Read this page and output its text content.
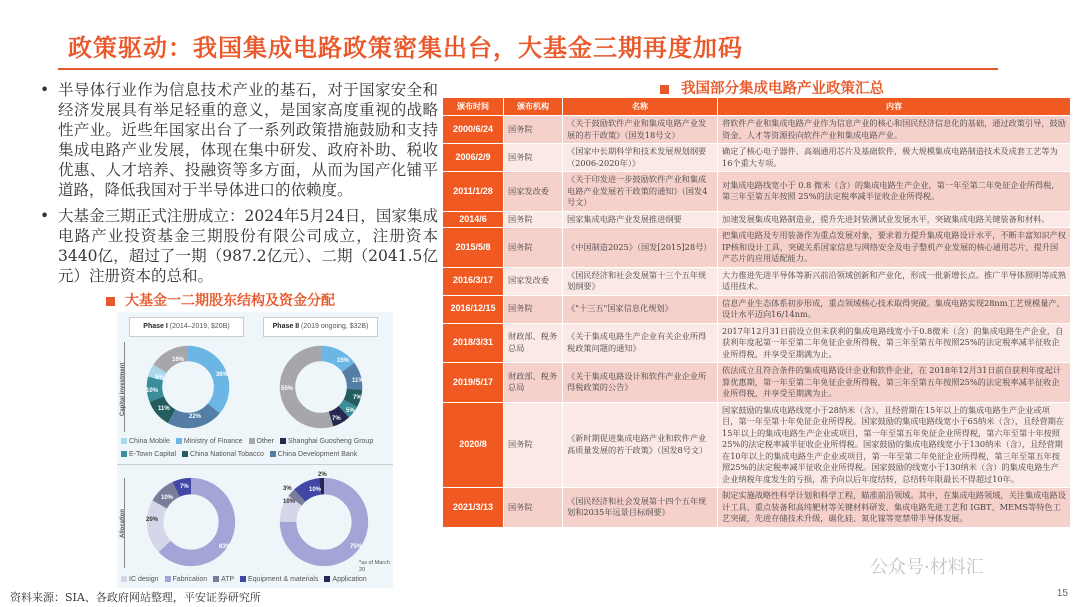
政策驱动：我国集成电路政策密集出台，大基金三期再度加码

• 半导体行业作为信息技术产业的基石，对于国家安全和经济发展具有举足轻重的意义，是国家高度重视的战略性产业。近些年国家出台了一系列政策措施鼓励和支持集成电路产业发展，体现在集中研发、政府补助、税收优惠、人才培养、投融资等多方面，从而为国产化铺平道路，降低我国对于半导体进口的依赖度。

• 大基金三期正式注册成立：2024年5月24日，国家集成电路产业投资基金三期股份有限公司成立，注册资本3440亿，超过了一期（987.2亿元）、二期（2041.5亿元）注册资本的总和。

大基金一二期股东结构及资金分配
Phase I (2014–2019, $20B)	Phase II (2019 ongoing, $32B)
Capital investment	36%
22%
11%
10%
5%
16%	15%
11%
7%
5%
7%
55%
China Mobile Ministry of Finance Other Shanghai Guosheng Group
E-Town Capital China National Tobacco China Development Bank
Allocation
63%
20%
10%
7%
75%
10%
3%	10%
2%
*as of March 20
IC design Fabrication ATP Equipment & materials Application
我国部分集成电路产业政策汇总
颁布时间	颁布机构	名称	内容
2000/6/24	国务院	《关于鼓励软件产业和集成电路产业发展的若干政策》（国发18号文）	将软件产业和集成电路产业作为信息产业的核心和国民经济信息化的基础，通过政策引导，鼓励资金、人才等资源投向软件产业和集成电路产业。
2006/2/9	国务院	《国家中长期科学和技术发展规划纲要（2006-2020年）》	确定了核心电子器件、高端通用芯片及基础软件，极大规模集成电路制造技术及成套工艺等为16个重大专项。
2011/1/28	国家发改委	《关于印发进一步鼓励软件产业和集成电路产业发展若干政策的通知》（国发4号文）	对集成电路线宽小于 0.8 微米（含）的集成电路生产企业，第一年至第二年免征企业所得税，第三年至第五年按照 25%的法定税率减半征收企业所得税。
2014/6	国务院	国家集成电路产业发展推进纲要	加速发展集成电路制造业，提升先进封装测试业发展水平，突破集成电路关键装备和材料。
2015/5/8	国务院	《中国制造2025》（国发[2015]28号）	把集成电路及专用装备作为重点发展对象，要求着力提升集成电路设计水平，不断丰富知识产权IP核和设计工具，突破关系国家信息与网络安全及电子整机产业发展的核心通用芯片，提升国产芯片的应用适配能力。
2016/3/17	国家发改委	《国民经济和社会发展第十三个五年规划纲要》	大力推进先进半导体等新兴前沿领域创新和产业化，形成一批新增长点。推广半导体照明等成熟适用技术。
2016/12/15	国务院	《"十三五"国家信息化规划》	信息产业生态体系初步形成，重点领域核心技术取得突破。集成电路实现28nm工艺规模量产，设计水平迈向16/14nm。
2018/3/31	财政部、税务总局	《关于集成电路生产企业有关企业所得税政策问题的通知》	2017年12月31日前设立但未获利的集成电路线宽小于0.8微米（含）的集成电路生产企业，自获利年度起第一年至第二年免征企业所得税，第三年至第五年按照25%的法定税率减半征收企业所得税，并享受至期满为止。
2019/5/17	财政部、税务总局	《关于集成电路设计和软件产业企业所得税政策的公告》	依法成立且符合条件的集成电路设计企业和软件企业，在 2018年12月31日前自获利年度起计算优惠期，第一年至第二年免征企业所得税，第三年至第五年按照25%的法定税率减半征收企业所得税，并享受至期满为止。
2020/8	国务院	《新时期促进集成电路产业和软件产业高质量发展的若干政策》（国发8号文）	国家鼓励的集成电路线宽小于28纳米（含），且经营期在15年以上的集成电路生产企业或项目，第一年至第十年免征企业所得税。国家鼓励的集成电路线宽小于65纳米（含），且经营期在15年以上的集成电路生产企业或项目，第一年至第五年免征企业所得税，第六年至第十年按照 25%的法定税率减半征收企业所得税。国家鼓励的集成电路线宽小于130纳米（含），且经营期在10年以上的集成电路生产企业或项目，第一年至第二年免征企业所得税，第三年至第五年按照25%的法定税率减半征收企业所得税。国家鼓励的线宽小于130纳米（含）的集成电路生产企业纳税年度发生的亏损，准予向以后年度结转，总结转年限最长不得超过10年。
2021/3/13	国务院	《国民经济和社会发展第十四个五年规划和2035年远景目标纲要》	制定实施战略性科学计划和科学工程，瞄准前沿领域。其中，在集成电路领域，关注集成电路设计工具、重点装备和高纯靶材等关键材料研发、集成电路先进工艺和 IGBT、MEMS等特色工艺突破，先进存储技术升级，碳化硅、氮化镓等宽禁带半导体发展。
公众号·材料汇
资料来源：SIA、各政府网站整理，平安证券研究所	15
